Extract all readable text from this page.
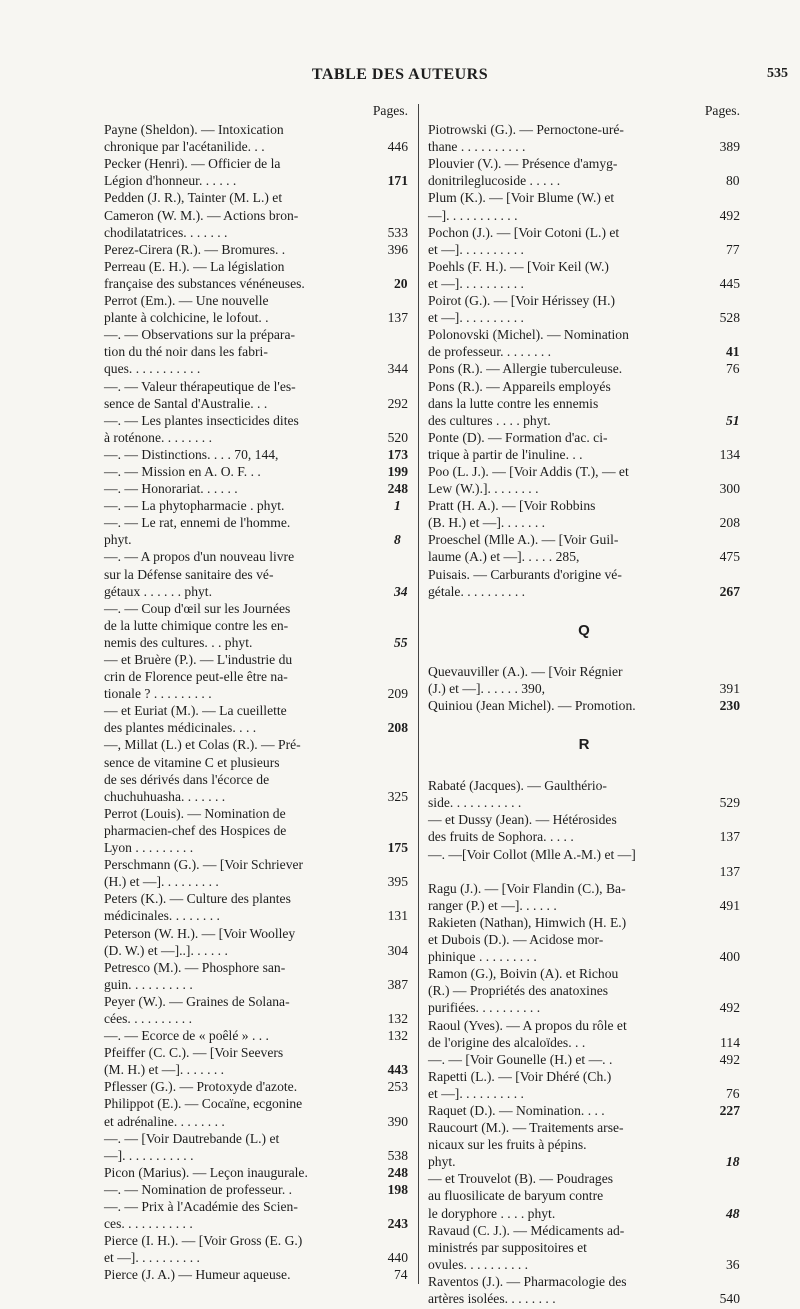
TABLE DES AUTEURS	535
Pages.
Payne (Sheldon). — Intoxication
chronique par l'acétanilide. . .	446
Pecker (Henri). — Officier de la
Légion d'honneur. . . . . .	171
Pedden (J. R.), Tainter (M. L.) et
Cameron (W. M.). — Actions bron-
chodilatatrices. . . . . . .	533
Perez-Cirera (R.). — Bromures. .	396
Perreau (E. H.). — La législation
française des substances vénéneuses.	20
Perrot (Em.). — Une nouvelle
plante à colchicine, le lofout. .	137
—. — Observations sur la prépara-
tion du thé noir dans les fabri-
ques. . . . . . . . . . .	344
—. — Valeur thérapeutique de l'es-
sence de Santal d'Australie. . .	292
—. — Les plantes insecticides dites
à roténone. . . . . . . .	520
—. — Distinctions. . . . 70, 144,	173
—. — Mission en A. O. F. . .	199
—. — Honorariat. . . . . .	248
—. — La phytopharmacie . phyt.	1
—. — Le rat, ennemi de l'homme.
phyt.	8
—. — A propos d'un nouveau livre
sur la Défense sanitaire des vé-
gétaux . . . . . . phyt.	34
—. — Coup d'œil sur les Journées
de la lutte chimique contre les en-
nemis des cultures. . . phyt.	55
— et Bruère (P.). — L'industrie du
crin de Florence peut-elle être na-
tionale ? . . . . . . . . .	209
— et Euriat (M.). — La cueillette
des plantes médicinales. . . .	208
—, Millat (L.) et Colas (R.). — Pré-
sence de vitamine C et plusieurs
de ses dérivés dans l'écorce de
chuchuhuasha. . . . . . .	325
Perrot (Louis). — Nomination de
pharmacien-chef des Hospices de
Lyon . . . . . . . . .	175
Perschmann (G.). — [Voir Schriever
(H.) et —]. . . . . . . . .	395
Peters (K.). — Culture des plantes
médicinales. . . . . . . .	131
Peterson (W. H.). — [Voir Woolley
(D. W.) et —]..]. . . . . .	304
Petresco (M.). — Phosphore san-
guin. . . . . . . . . .	387
Peyer (W.). — Graines de Solana-
cées. . . . . . . . . .	132
—. — Ecorce de « poêlé » . . .	132
Pfeiffer (C. C.). — [Voir Seevers
(M. H.) et —]. . . . . . .	443
Pflesser (G.). — Protoxyde d'azote.	253
Philippot (E.). — Cocaïne, ecgonine
et adrénaline. . . . . . . .	390
—. — [Voir Dautrebande (L.) et
—]. . . . . . . . . . .	538
Picon (Marius). — Leçon inaugurale.	248
—. — Nomination de professeur. .	198
—. — Prix à l'Académie des Scien-
ces. . . . . . . . . . .	243
Pierce (I. H.). — [Voir Gross (E. G.)
et —]. . . . . . . . . .	440
Pierce (J. A.) — Humeur aqueuse.	74
Pages.
Piotrowski (G.). — Pernoctone-uré-
thane . . . . . . . . . .	389
Plouvier (V.). — Présence d'amyg-
donitrileglucoside . . . . .	80
Plum (K.). — [Voir Blume (W.) et
—]. . . . . . . . . . .	492
Pochon (J.). — [Voir Cotoni (L.) et
et —]. . . . . . . . . .	77
Poehls (F. H.). — [Voir Keil (W.)
et —]. . . . . . . . . .	445
Poirot (G.). — [Voir Hérissey (H.)
et —]. . . . . . . . . .	528
Polonovski (Michel). — Nomination
de professeur. . . . . . . .	41
Pons (R.). — Allergie tuberculeuse.	76
Pons (R.). — Appareils employés
dans la lutte contre les ennemis
des cultures . . . . phyt.	51
Ponte (D). — Formation d'ac. ci-
trique à partir de l'inuline. . .	134
Poo (L. J.). — [Voir Addis (T.), — et
Lew (W.).]. . . . . . . .	300
Pratt (H. A.). — [Voir Robbins
(B. H.) et —]. . . . . . .	208
Proeschel (Mlle A.). — [Voir Guil-
laume (A.) et —]. . . . . 285,	475
Puisais. — Carburants d'origine vé-
gétale. . . . . . . . . .	267
Q
Quevauviller (A.). — [Voir Régnier
(J.) et —]. . . . . . 390,	391
Quiniou (Jean Michel). — Promotion.	230
R
Rabaté (Jacques). — Gaulthério-
side. . . . . . . . . . .	529
— et Dussy (Jean). — Hétérosides
des fruits de Sophora. . . . .	137
—. —[Voir Collot (Mlle A.-M.) et —]
137
Ragu (J.). — [Voir Flandin (C.), Ba-
ranger (P.) et —]. . . . . .	491
Rakieten (Nathan), Himwich (H. E.)
et Dubois (D.). — Acidose mor-
phinique . . . . . . . . .	400
Ramon (G.), Boivin (A). et Richou
(R.) — Propriétés des anatoxines
purifiées. . . . . . . . . .	492
Raoul (Yves). — A propos du rôle et
de l'origine des alcaloïdes. . .	114
—. — [Voir Gounelle (H.) et —. .	492
Rapetti (L.). — [Voir Dhéré (Ch.)
et —]. . . . . . . . . .	76
Raquet (D.). — Nomination. . . .	227
Raucourt (M.). — Traitements arse-
nicaux sur les fruits à pépins.
phyt.	18
— et Trouvelot (B). — Poudrages
au fluosilicate de baryum contre
le doryphore . . . . phyt.	48
Ravaud (C. J.). — Médicaments ad-
ministrés par suppositoires et
ovules. . . . . . . . . .	36
Raventos (J.). — Pharmacologie des
artères isolées. . . . . . . .	540
